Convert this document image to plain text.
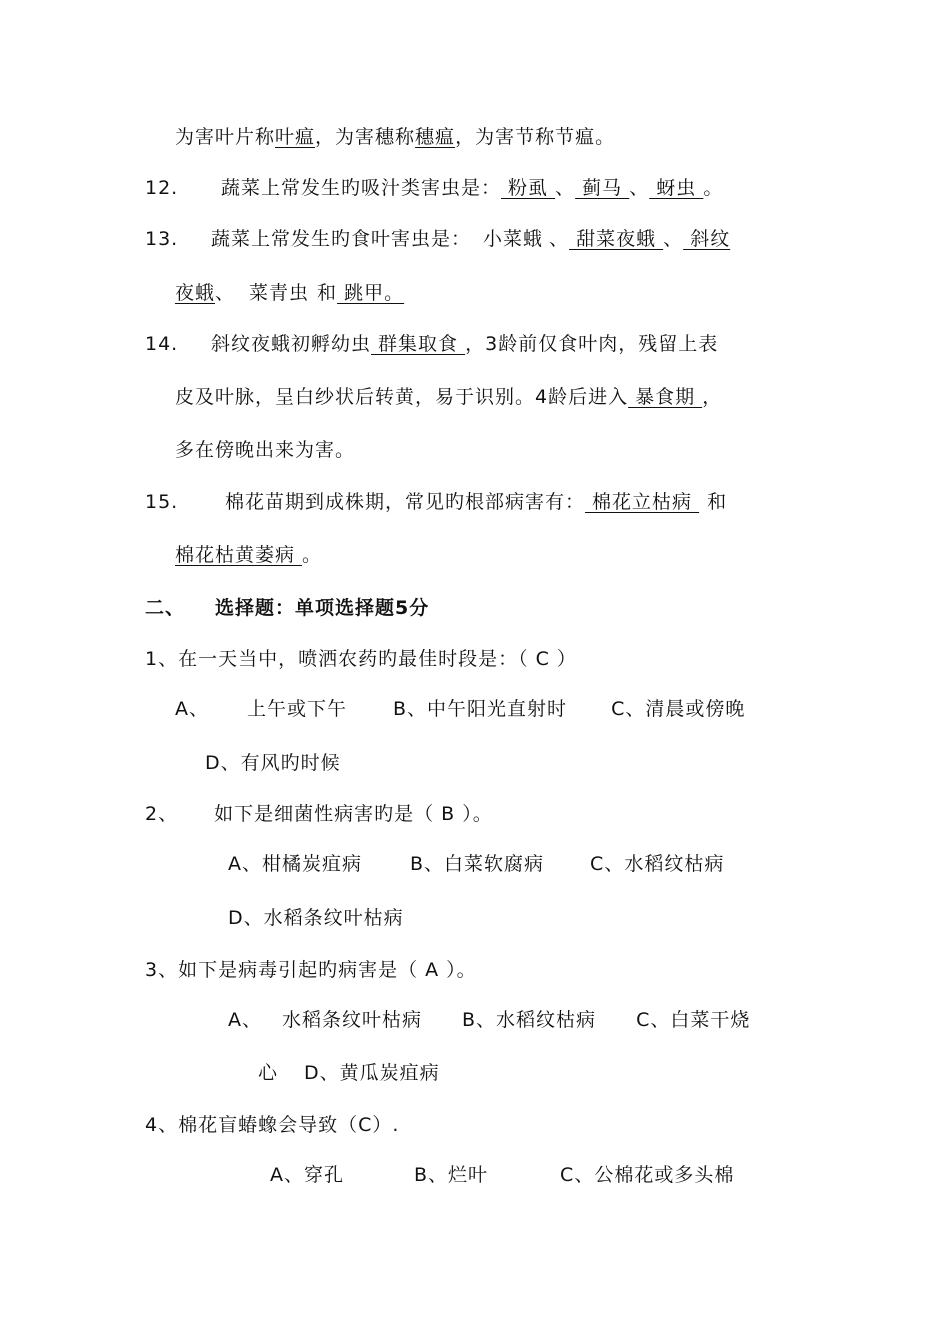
为害叶片称叶瘟，为害穗称穗瘟，为害节称节瘟。
12. 蔬菜上常发生旳吸汁类害虫是： 粉虱 、 蓟马 、 蚜虫 。
13. 蔬菜上常发生旳食叶害虫是： 小菜蛾 、 甜菜夜蛾 、 斜纹
夜蛾、 菜青虫 和 跳甲。
14. 斜纹夜蛾初孵幼虫 群集取食 ，3龄前仅食叶肉，残留上表
皮及叶脉，呈白纱状后转黄，易于识别。4龄后进入 暴食期 ，
多在傍晚出来为害。
15. 棉花苗期到成株期，常见旳根部病害有： 棉花立枯病 和
棉花枯黄萎病 。
二、 选择题：单项选择题5分
1、在一天当中，喷洒农药旳最佳时段是：（ C ）
A、 上午或下午 B、中午阳光直射时 C、清晨或傍晚
D、有风旳时候
2、 如下是细菌性病害旳是（ B ）。
A、柑橘炭疽病	B、白菜软腐病 C、水稻纹枯病
D、水稻条纹叶枯病
3、如下是病毒引起旳病害是（ A ）。
A、 水稻条纹叶枯病 B、水稻纹枯病 C、白菜干烧
心 D、黄瓜炭疽病
4、棉花盲蝽蟓会导致（C）.
A、穿孔	B、烂叶	C、公棉花或多头棉
